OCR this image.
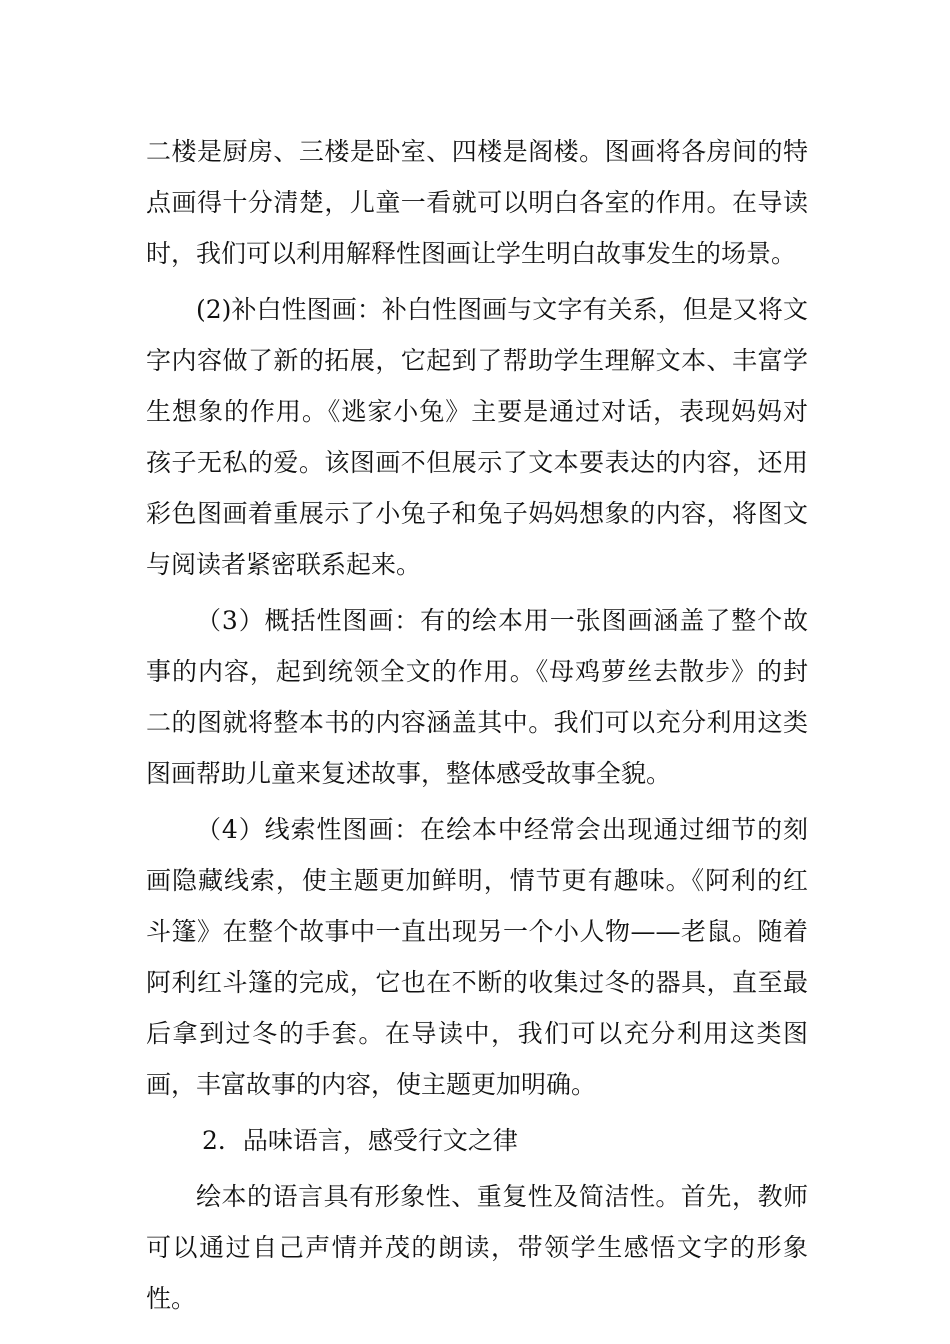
二楼是厨房、三楼是卧室、四楼是阁楼。图画将各房间的特点画得十分清楚，儿童一看就可以明白各室的作用。在导读时，我们可以利用解释性图画让学生明白故事发生的场景。

(2)补白性图画：补白性图画与文字有关系，但是又将文字内容做了新的拓展，它起到了帮助学生理解文本、丰富学生想象的作用。《逃家小兔》主要是通过对话，表现妈妈对孩子无私的爱。该图画不但展示了文本要表达的内容，还用彩色图画着重展示了小兔子和兔子妈妈想象的内容，将图文与阅读者紧密联系起来。

（3）概括性图画：有的绘本用一张图画涵盖了整个故事的内容，起到统领全文的作用。《母鸡萝丝去散步》的封二的图就将整本书的内容涵盖其中。我们可以充分利用这类图画帮助儿童来复述故事，整体感受故事全貌。

（4）线索性图画：在绘本中经常会出现通过细节的刻画隐藏线索，使主题更加鲜明，情节更有趣味。《阿利的红斗篷》在整个故事中一直出现另一个小人物——老鼠。随着阿利红斗篷的完成，它也在不断的收集过冬的器具，直至最后拿到过冬的手套。在导读中，我们可以充分利用这类图画，丰富故事的内容，使主题更加明确。

2．品味语言，感受行文之律

绘本的语言具有形象性、重复性及简洁性。首先，教师可以通过自己声情并茂的朗读，带领学生感悟文字的形象性。
